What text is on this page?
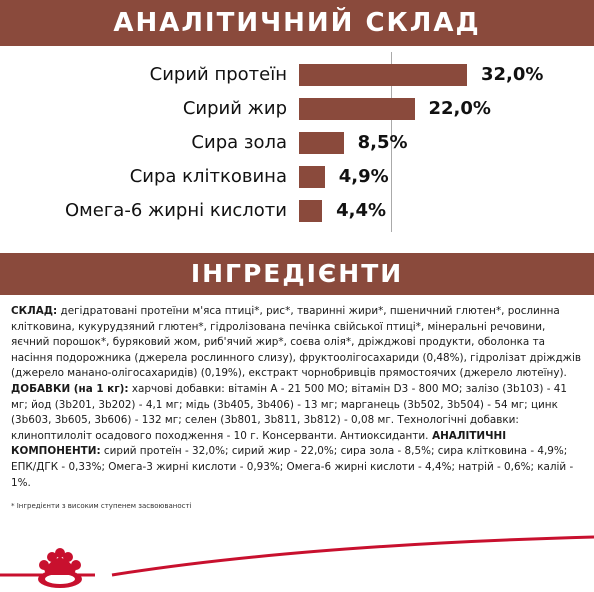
АНАЛІТИЧНИЙ СКЛАД
Сирий протеїн	32,0%
Сирий жир	22,0%
Сира зола	8,5%
Сира клітковина	4,9%
Омега-6 жирні кислоти	4,4%
ІНГРЕДІЄНТИ
СКЛАД: дегідратовані протеїни м'яса птиці*, рис*, тваринні жири*, пшеничний глютен*, рослинна клітковина, кукурудзяний глютен*, гідролізована печінка свійської птиці*, мінеральні речовини, яєчний порошок*, буряковий жом, риб'ячий жир*, соєва олія*, дріжджові продукти, оболонка та насіння подорожника (джерела рослинного слизу), фруктоолігосахариди (0,48%), гідролізат дріжджів (джерело манано-олігосахаридів) (0,19%), екстракт чорнобривців прямостоячих (джерело лютеїну). ДОБАВКИ (на 1 кг): харчові добавки: вітамін А - 21 500 МО; вітамін D3 - 800 МО; залізо (3b103) - 41 мг; йод (3b201, 3b202) - 4,1 мг; мідь (3b405, 3b406) - 13 мг; марганець (3b502, 3b504) - 54 мг; цинк (3b603, 3b605, 3b606) - 132 мг; селен (3b801, 3b811, 3b812) - 0,08 мг. Технологічні добавки: клиноптилоліт осадового походження - 10 г. Консерванти. Антиоксиданти. АНАЛІТИЧНІ КОМПОНЕНТИ: сирий протеїн - 32,0%; сирий жир - 22,0%; сира зола - 8,5%; сира клітковина - 4,9%; ЕПК/ДГК - 0,33%; Омега-3 жирні кислоти - 0,93%; Омега-6 жирні кислоти - 4,4%; натрій - 0,6%; калій - 1%.
* Інгредієнти з високим ступенем засвоюваності
